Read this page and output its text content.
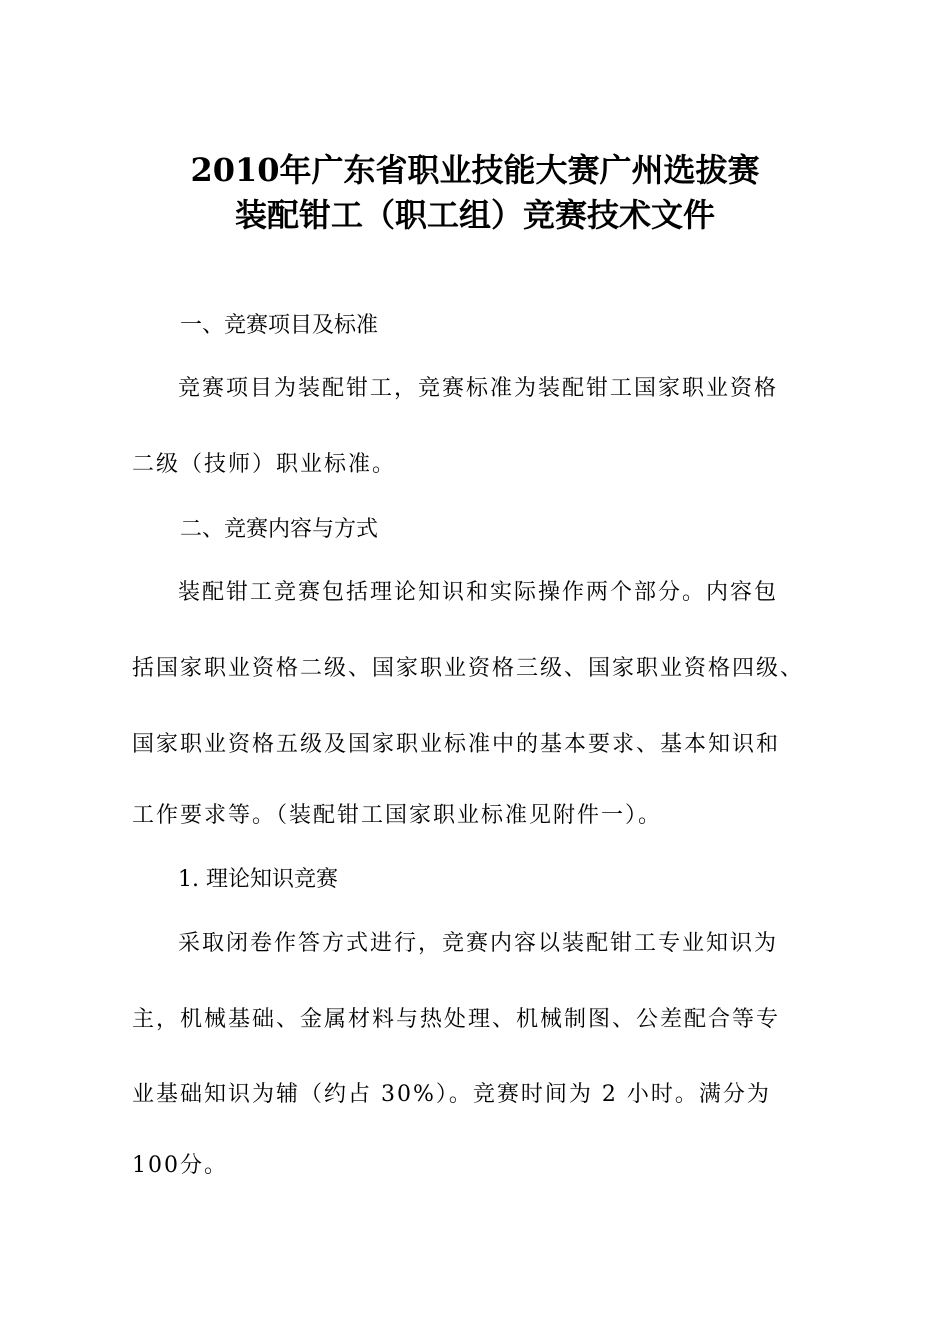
2010年广东省职业技能大赛广州选拔赛
装配钳工（职工组）竞赛技术文件
一、竞赛项目及标准
竞赛项目为装配钳工，竞赛标准为装配钳工国家职业资格
二级（技师）职业标准。
二、竞赛内容与方式
装配钳工竞赛包括理论知识和实际操作两个部分。内容包
括国家职业资格二级、国家职业资格三级、国家职业资格四级、
国家职业资格五级及国家职业标准中的基本要求、基本知识和
工作要求等。（装配钳工国家职业标准见附件一）。
1. 理论知识竞赛
采取闭卷作答方式进行，竞赛内容以装配钳工专业知识为
主，机械基础、金属材料与热处理、机械制图、公差配合等专
业基础知识为辅（约占 30%）。竞赛时间为 2 小时。满分为
100分。
